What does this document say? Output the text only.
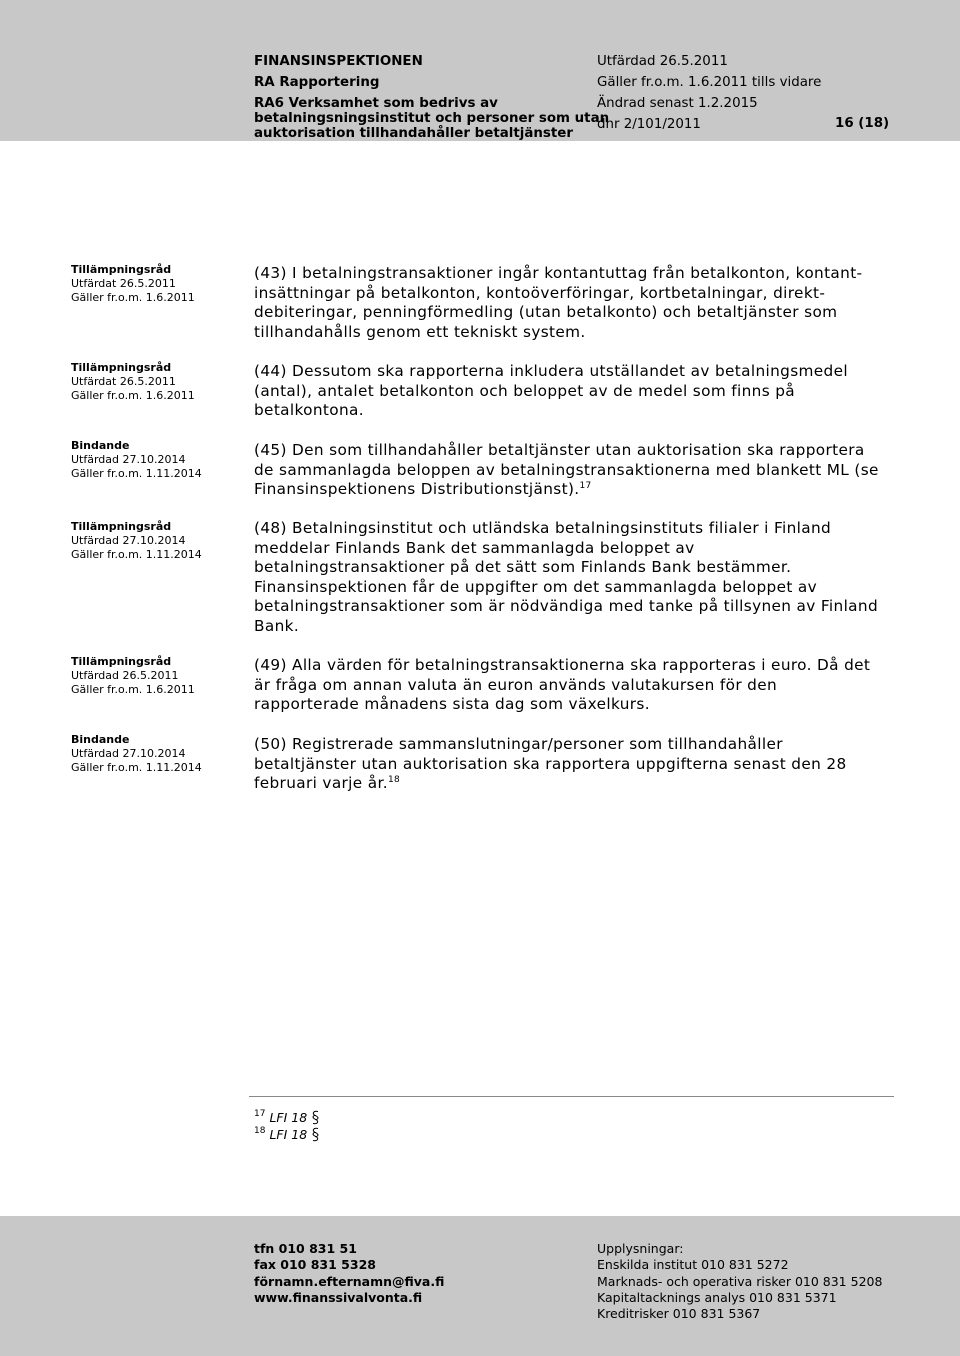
FINANSINSPEKTIONEN
RA Rapportering
RA6 Verksamhet som bedrivs av
betalningsningsinstitut och personer som utan
auktorisation tillhandahåller betaltjänster
Utfärdad 26.5.2011
Gäller fr.o.m. 1.6.2011 tills vidare
Ändrad senast 1.2.2015
dnr 2/101/2011	16 (18)
Tillämpningsråd
Utfärdat 26.5.2011
Gäller fr.o.m. 1.6.2011
Tillämpningsråd
Utfärdat 26.5.2011
Gäller fr.o.m. 1.6.2011
Bindande
Utfärdad 27.10.2014
Gäller fr.o.m. 1.11.2014
Tillämpningsråd
Utfärdad 27.10.2014
Gäller fr.o.m. 1.11.2014
Tillämpningsråd
Utfärdad 26.5.2011
Gäller fr.o.m. 1.6.2011
Bindande
Utfärdad 27.10.2014
Gäller fr.o.m. 1.11.2014
(43) I betalningstransaktioner ingår kontantuttag från betalkonton, kontant-
insättningar på betalkonton, kontoöverföringar, kortbetalningar, direkt-
debiteringar, penningförmedling (utan betalkonto) och betaltjänster som
tillhandahålls genom ett tekniskt system.
(44) Dessutom ska rapporterna inkludera utställandet av betalningsmedel
(antal), antalet betalkonton och beloppet av de medel som finns på
betalkontona.
(45) Den som tillhandahåller betaltjänster utan auktorisation ska rapportera
de sammanlagda beloppen av betalningstransaktionerna med blankett ML (se
Finansinspektionens Distributionstjänst).$^{17}$
(48) Betalningsinstitut och utländska betalningsinstituts filialer i Finland
meddelar Finlands Bank det sammanlagda beloppet av
betalningstransaktioner på det sätt som Finlands Bank bestämmer.
Finansinspektionen får de uppgifter om det sammanlagda beloppet av
betalningstransaktioner som är nödvändiga med tanke på tillsynen av Finland
Bank.
(49) Alla värden för betalningstransaktionerna ska rapporteras i euro. Då det
är fråga om annan valuta än euron används valutakursen för den
rapporterade månadens sista dag som växelkurs.
(50) Registrerade sammanslutningar/personer som tillhandahåller
betaltjänster utan auktorisation ska rapportera uppgifterna senast den 28
februari varje år.$^{18}$
$^{17}$ LFI 18
$^{18}$ LFI 18
tfn 010 831 51
fax 010 831 5328
förnamn.efternamn@fiva.fi
www.finanssivalvonta.fi
Upplysningar:
Enskilda institut 010 831 5272
Marknads- och operativa risker 010 831 5208
Kapitaltacknings analys 010 831 5371
Kreditrisker 010 831 5367
